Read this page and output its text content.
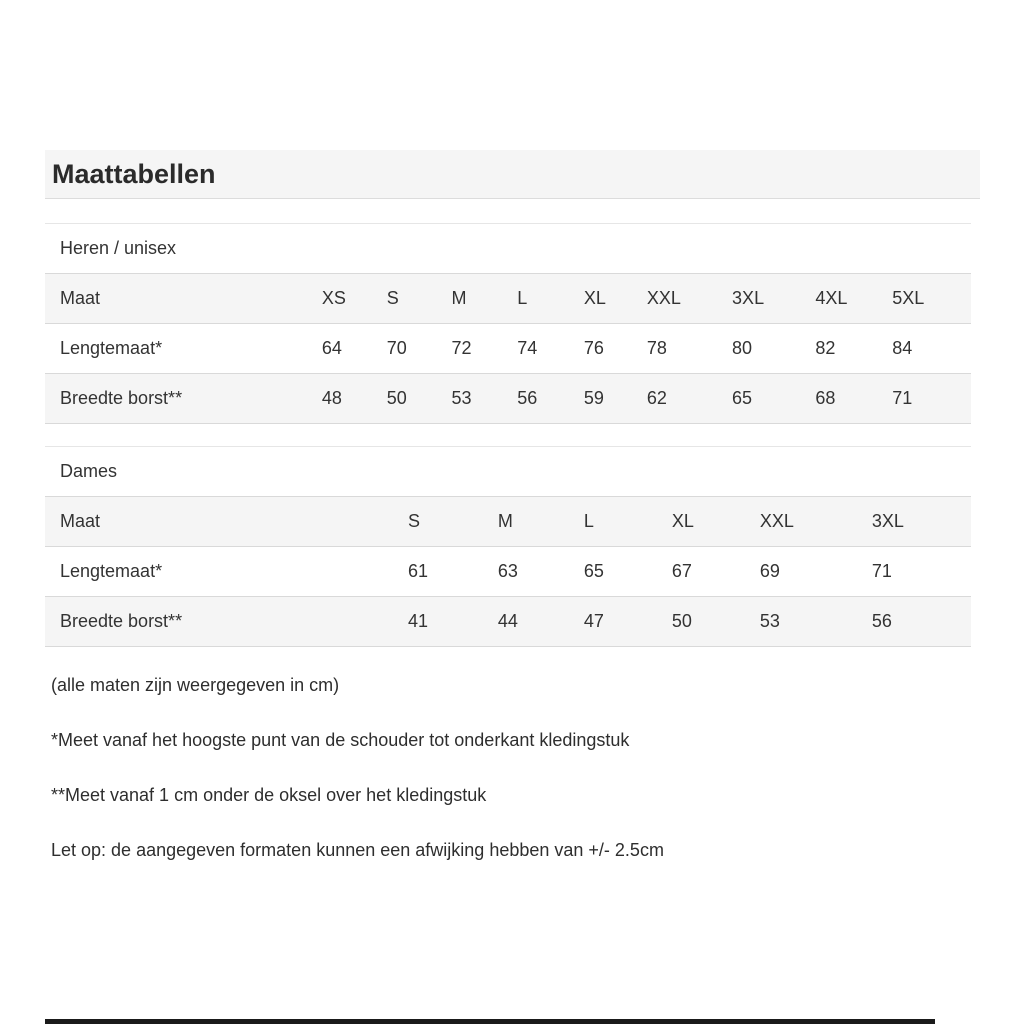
Maattabellen
Heren / unisex
Maat	XS	S	M	L	XL	XXL	3XL	4XL	5XL
Lengtemaat*	64	70	72	74	76	78	80	82	84
Breedte borst**	48	50	53	56	59	62	65	68	71
Dames
Maat	S	M	L	XL	XXL	3XL
Lengtemaat*	61	63	65	67	69	71
Breedte borst**	41	44	47	50	53	56

(alle maten zijn weergegeven in cm)

*Meet vanaf het hoogste punt van de schouder tot onderkant kledingstuk

**Meet vanaf 1 cm onder de oksel over het kledingstuk

Let op: de aangegeven formaten kunnen een afwijking hebben van +/- 2.5cm
